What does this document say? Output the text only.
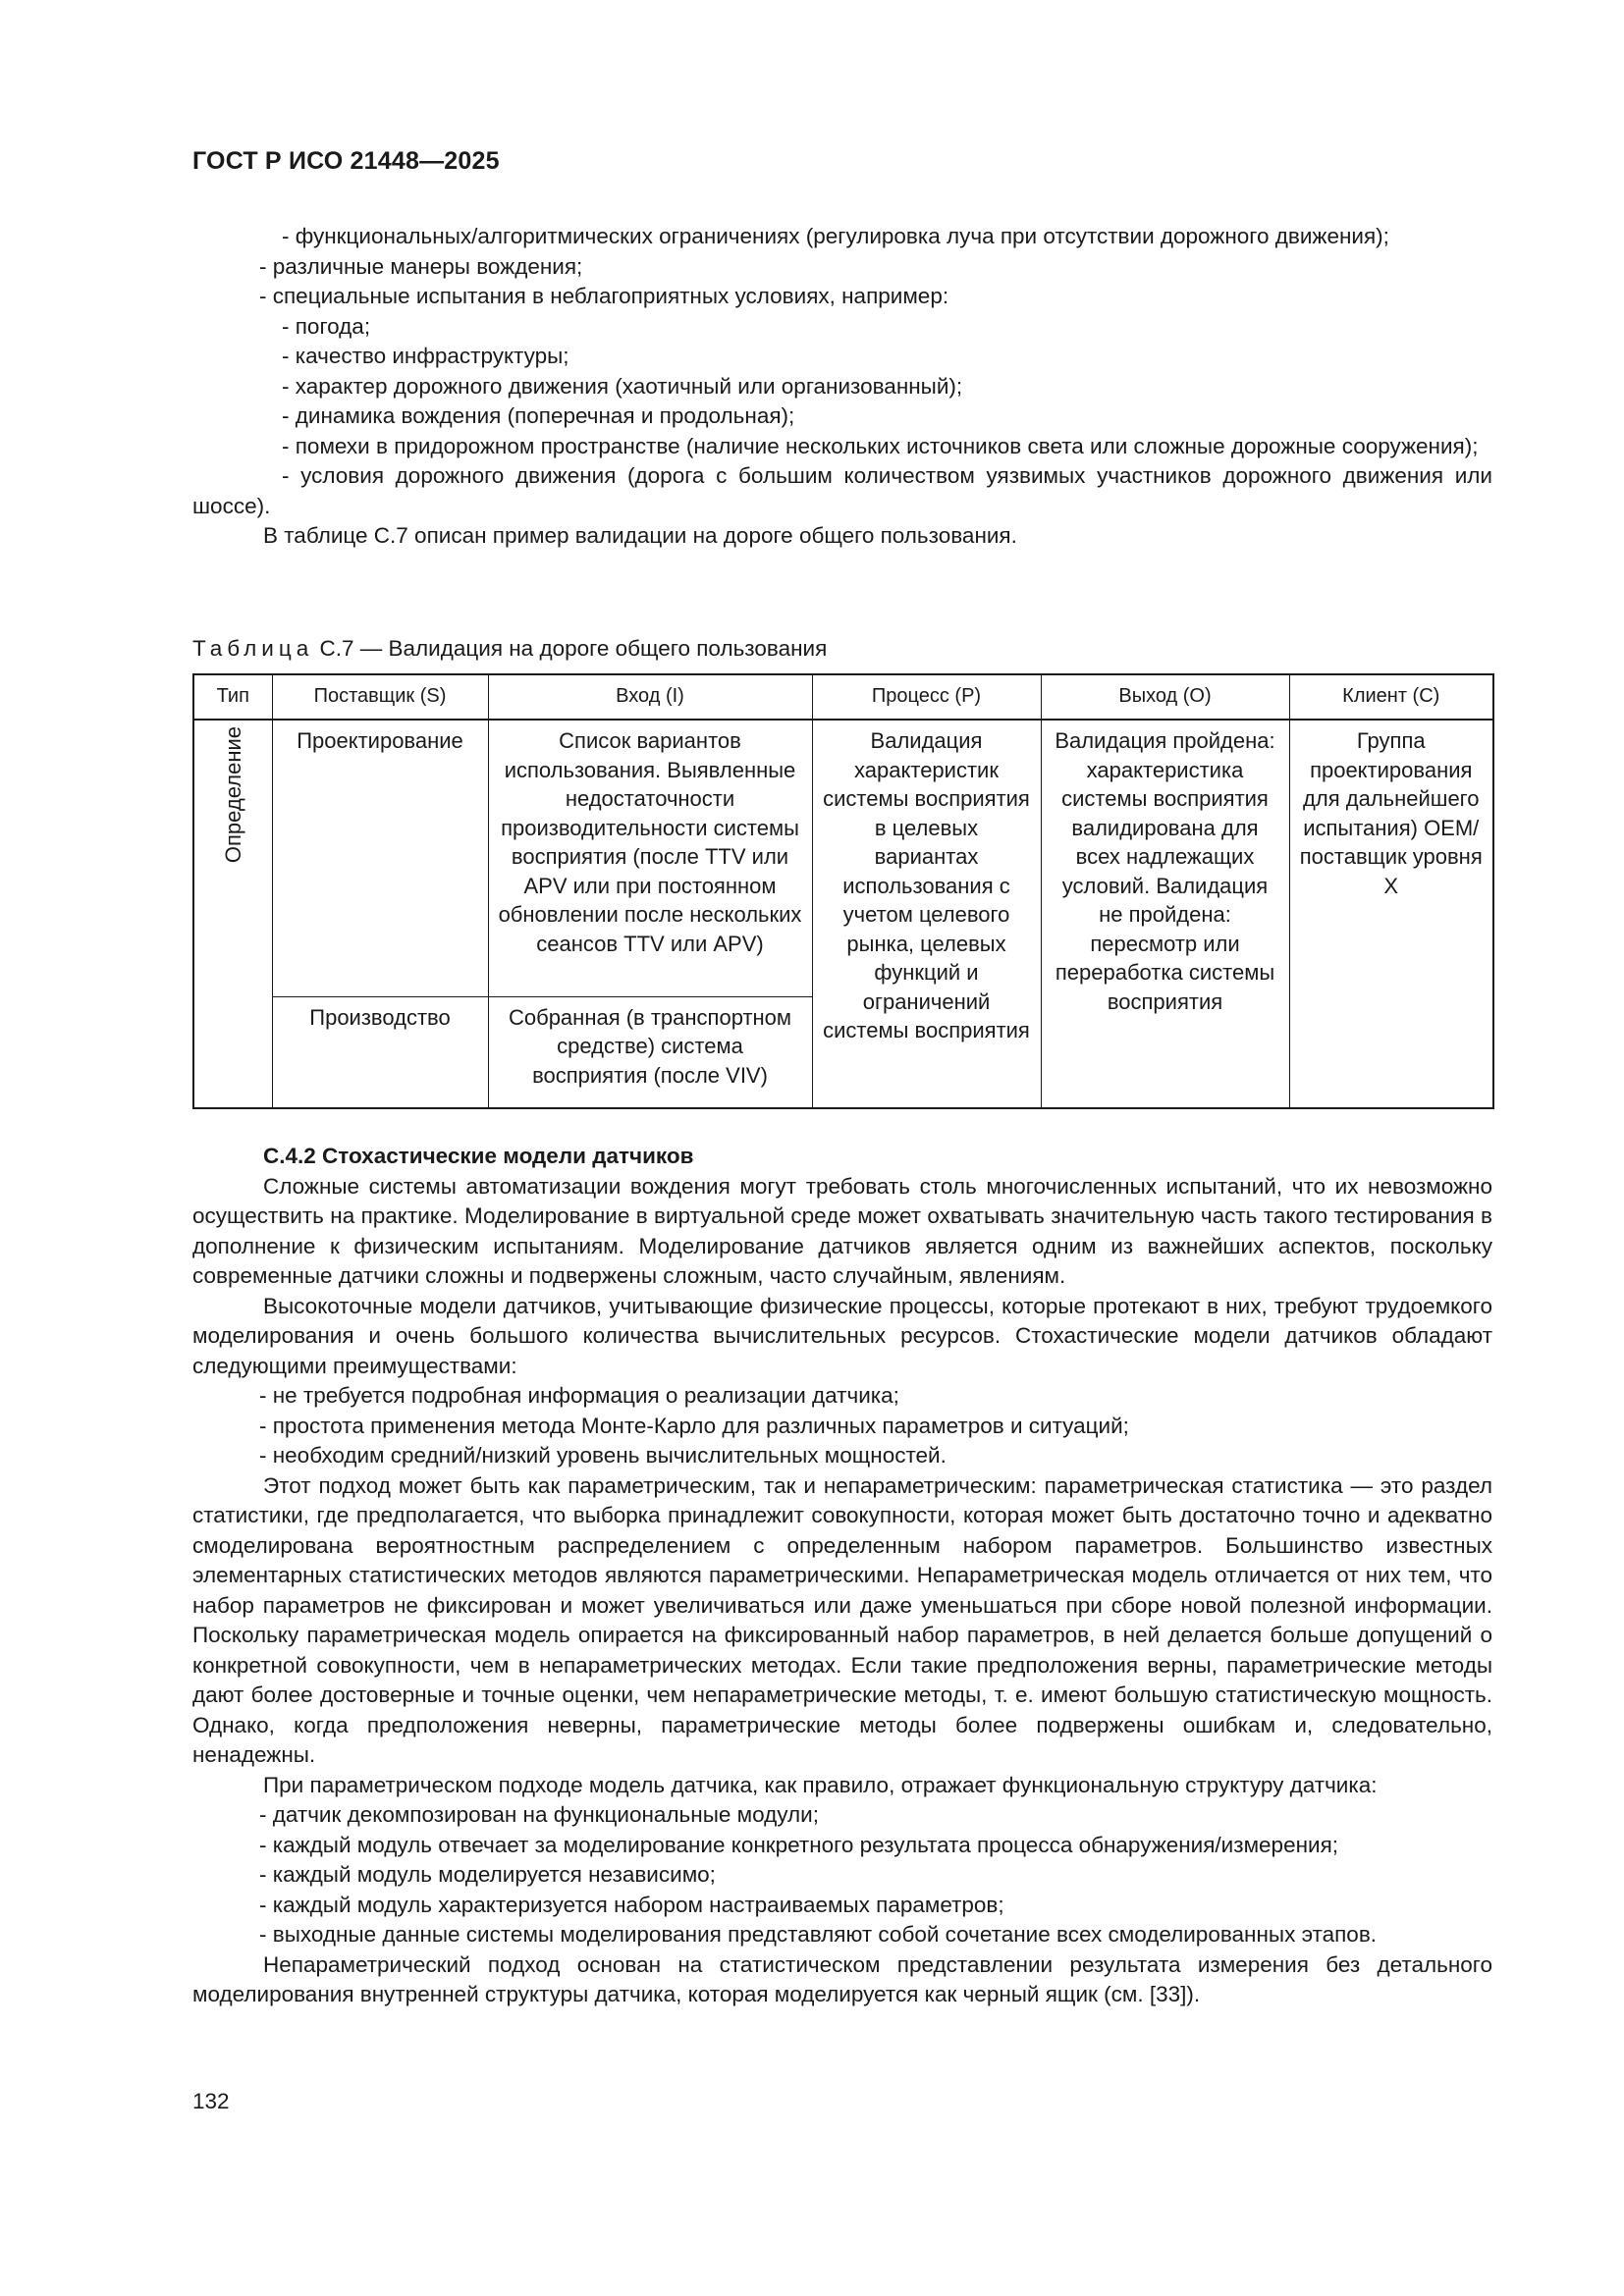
ГОСТ Р ИСО 21448—2025

- функциональных/алгоритмических ограничениях (регулировка луча при отсутствии дорожного движения);

- различные манеры вождения;

- специальные испытания в неблагоприятных условиях, например:

- погода;

- качество инфраструктуры;

- характер дорожного движения (хаотичный или организованный);

- динамика вождения (поперечная и продольная);

- помехи в придорожном пространстве (наличие нескольких источников света или сложные дорожные сооружения);

- условия дорожного движения (дорога с большим количеством уязвимых участников дорожного движения или шоссе).

В таблице С.7 описан пример валидации на дороге общего пользования.

Таблица С.7 — Валидация на дороге общего пользования
Тип	Поставщик (S)	Вход (I)	Процесс (P)	Выход (O)	Клиент (C)
Определение	Проектирование	Список вариантов использования. Выявленные недостаточности производительности системы восприятия (после TTV или APV или при постоянном обновлении после нескольких сеансов TTV или APV)	Валидация характеристик системы восприятия в целевых вариантах использования с учетом целевого рынка, целевых функций и ограничений системы восприятия	Валидация пройдена: характеристика системы восприятия валидирована для всех надлежащих условий. Валидация не пройдена: пересмотр или переработка системы восприятия	Группа проектирования для дальнейшего испытания) OEM/ поставщик уровня X
	Производство	Собранная (в транспортном средстве) система восприятия (после VIV)			

С.4.2 Стохастические модели датчиков

Сложные системы автоматизации вождения могут требовать столь многочисленных испытаний, что их невозможно осуществить на практике. Моделирование в виртуальной среде может охватывать значительную часть такого тестирования в дополнение к физическим испытаниям. Моделирование датчиков является одним из важнейших аспектов, поскольку современные датчики сложны и подвержены сложным, часто случайным, явлениям.

Высокоточные модели датчиков, учитывающие физические процессы, которые протекают в них, требуют трудоемкого моделирования и очень большого количества вычислительных ресурсов. Стохастические модели датчиков обладают следующими преимуществами:

- не требуется подробная информация о реализации датчика;

- простота применения метода Монте-Карло для различных параметров и ситуаций;

- необходим средний/низкий уровень вычислительных мощностей.

Этот подход может быть как параметрическим, так и непараметрическим: параметрическая статистика — это раздел статистики, где предполагается, что выборка принадлежит совокупности, которая может быть достаточно точно и адекватно смоделирована вероятностным распределением с определенным набором параметров. Большинство известных элементарных статистических методов являются параметрическими. Непараметрическая модель отличается от них тем, что набор параметров не фиксирован и может увеличиваться или даже уменьшаться при сборе новой полезной информации. Поскольку параметрическая модель опирается на фиксированный набор параметров, в ней делается больше допущений о конкретной совокупности, чем в непараметрических методах. Если такие предположения верны, параметрические методы дают более достоверные и точные оценки, чем непараметрические методы, т. е. имеют большую статистическую мощность. Однако, когда предположения неверны, параметрические методы более подвержены ошибкам и, следовательно, ненадежны.

При параметрическом подходе модель датчика, как правило, отражает функциональную структуру датчика:

- датчик декомпозирован на функциональные модули;

- каждый модуль отвечает за моделирование конкретного результата процесса обнаружения/измерения;

- каждый модуль моделируется независимо;

- каждый модуль характеризуется набором настраиваемых параметров;

- выходные данные системы моделирования представляют собой сочетание всех смоделированных этапов.

Непараметрический подход основан на статистическом представлении результата измерения без детального моделирования внутренней структуры датчика, которая моделируется как черный ящик (см. [33]).

132
